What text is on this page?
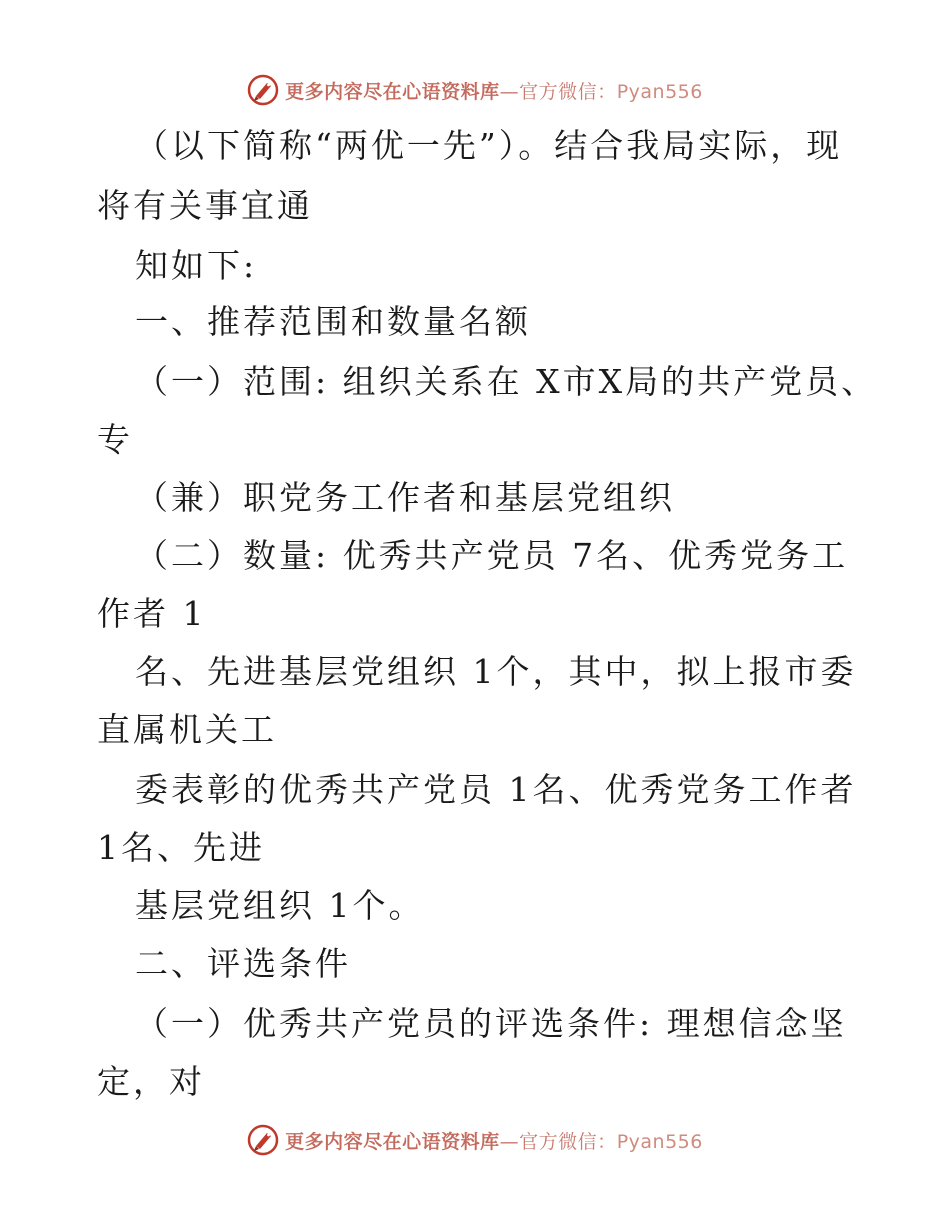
更多内容尽在心语资料库—官方微信：Pyan556
（以下简称“两优一先”）。结合我局实际，现
将有关事宜通
知如下:
一、推荐范围和数量名额
（一）范围: 组织关系在 X市X局的共产党员、
专
（兼）职党务工作者和基层党组织
（二）数量: 优秀共产党员 7名、优秀党务工
作者 1
名、先进基层党组织 1个，其中，拟上报市委
直属机关工
委表彰的优秀共产党员 1名、优秀党务工作者
1名、先进
基层党组织 1个。
二、评选条件
（一）优秀共产党员的评选条件: 理想信念坚
定，对
更多内容尽在心语资料库—官方微信：Pyan556
